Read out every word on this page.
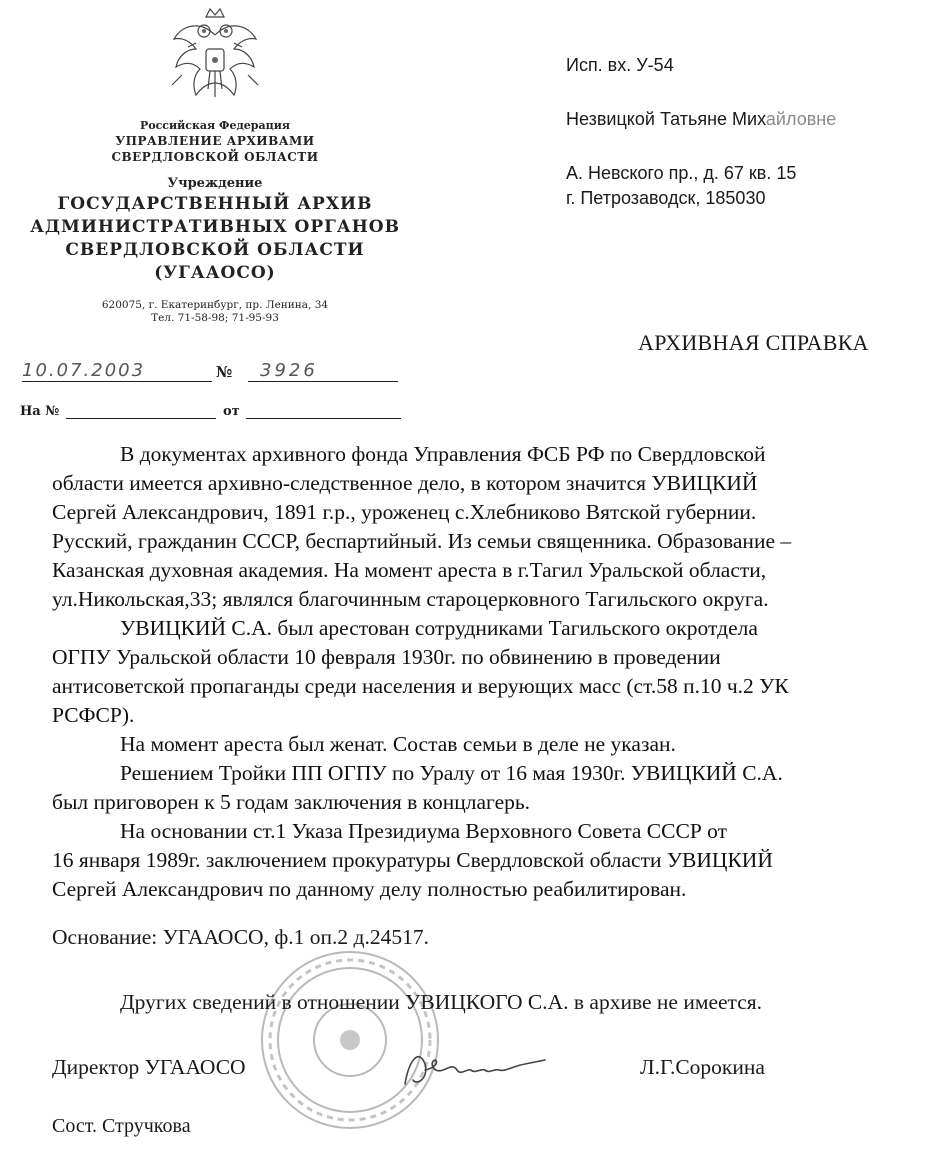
Российская Федерация
УПРАВЛЕНИЕ АРХИВАМИ
СВЕРДЛОВСКОЙ ОБЛАСТИ
Учреждение
ГОСУДАРСТВЕННЫЙ АРХИВ
АДМИНИСТРАТИВНЫХ ОРГАНОВ
СВЕРДЛОВСКОЙ ОБЛАСТИ
(УГААОСО)
620075, г. Екатеринбург, пр. Ленина, 34
Тел. 71-58-98; 71-95-93
10.07.2003	№	3926
На №	от
Исп. вх. У-54
Незвицкой Татьяне Михайловне
А. Невского пр., д. 67 кв. 15
г. Петрозаводск, 185030
АРХИВНАЯ СПРАВКА

В документах архивного фонда Управления ФСБ РФ по Свердловской
области имеется архивно-следственное дело, в котором значится УВИЦКИЙ
Сергей Александрович, 1891 г.р., уроженец с.Хлебниково Вятской губернии.
Русский, гражданин СССР, беспартийный. Из семьи священника. Образование –
Казанская духовная академия. На момент ареста в г.Тагил Уральской области,
ул.Никольская,33; являлся благочинным староцерковного Тагильского округа.

УВИЦКИЙ С.А. был арестован сотрудниками Тагильского окротдела
ОГПУ Уральской области 10 февраля 1930г. по обвинению в проведении
антисоветской пропаганды среди населения и верующих масс (ст.58 п.10 ч.2 УК
РСФСР).

На момент ареста был женат. Состав семьи в деле не указан.

Решением Тройки ПП ОГПУ по Уралу от 16 мая 1930г. УВИЦКИЙ С.А.
был приговорен к 5 годам заключения в концлагерь.

На основании ст.1 Указа Президиума Верховного Совета СССР от
16 января 1989г. заключением прокуратуры Свердловской области УВИЦКИЙ
Сергей Александрович по данному делу полностью реабилитирован.

Основание: УГААОСО, ф.1 оп.2 д.24517.
Других сведений в отношении УВИЦКОГО С.А. в архиве не имеется.
Директор УГААОСО	Л.Г.Сорокина
Сост. Стручкова
